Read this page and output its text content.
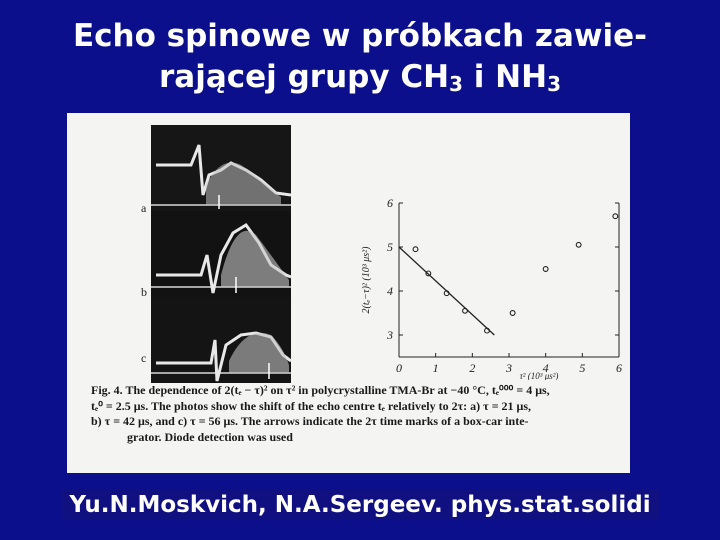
Echo spinowe w próbkach zawie-
rającej grupy $CH_3$ i $NH_3$
a
b
c
0	1	2	3	4	5	6
3
4
5
6
2(tₑ−τ)² (10³ μs²)
τ² (10³ μs²)
Fig. 4. The dependence of 2(tₑ − τ)² on τ² in polycrystalline TMA-Br at −40 °C, tₑ⁰⁰⁰ = 4 μs,
tₑ⁰ = 2.5 μs. The photos show the shift of the echo centre tₑ relatively to 2τ: a) τ = 21 μs,
b) τ = 42 μs, and c) τ = 56 μs. The arrows indicate the 2τ time marks of a box-car inte-
grator. Diode detection was used
Yu.N.Moskvich, N.A.Sergeev. phys.stat.solidi
